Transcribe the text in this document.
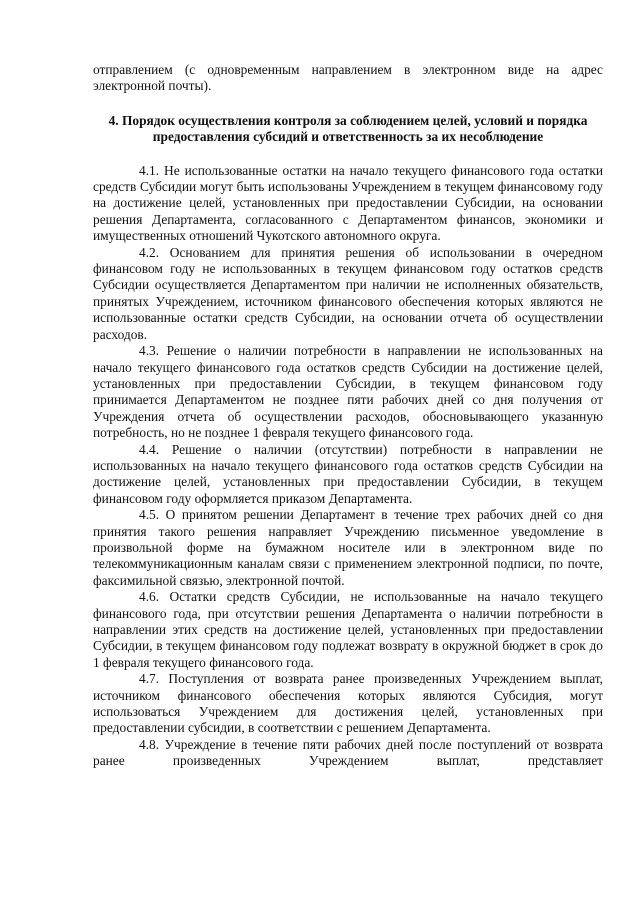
отправлением (с одновременным направлением в электронном виде на адрес электронной почты).

4. Порядок осуществления контроля за соблюдением целей, условий и порядка предоставления субсидий и ответственность за их несоблюдение

4.1. Не использованные остатки на начало текущего финансового года остатки средств Субсидии могут быть использованы Учреждением в текущем финансовому году на достижение целей, установленных при предоставлении Субсидии, на основании решения Департамента, согласованного с Департаментом финансов, экономики и имущественных отношений Чукотского автономного округа.

4.2. Основанием для принятия решения об использовании в очередном финансовом году не использованных в текущем финансовом году остатков средств Субсидии осуществляется Департаментом при наличии не исполненных обязательств, принятых Учреждением, источником финансового обеспечения которых являются не использованные остатки средств Субсидии, на основании отчета об осуществлении расходов.

4.3. Решение о наличии потребности в направлении не использованных на начало текущего финансового года остатков средств Субсидии на достижение целей, установленных при предоставлении Субсидии, в текущем финансовом году принимается Департаментом не позднее пяти рабочих дней со дня получения от Учреждения отчета об осуществлении расходов, обосновывающего указанную потребность, но не позднее 1 февраля текущего финансового года.

4.4. Решение о наличии (отсутствии) потребности в направлении не использованных на начало текущего финансового года остатков средств Субсидии на достижение целей, установленных при предоставлении Субсидии, в текущем финансовом году оформляется приказом Департамента.

4.5. О принятом решении Департамент в течение трех рабочих дней со дня принятия такого решения направляет Учреждению письменное уведомление в произвольной форме на бумажном носителе или в электронном виде по телекоммуникационным каналам связи с применением электронной подписи, по почте, факсимильной связью, электронной почтой.

4.6. Остатки средств Субсидии, не использованные на начало текущего финансового года, при отсутствии решения Департамента о наличии потребности в направлении этих средств на достижение целей, установленных при предоставлении Субсидии, в текущем финансовом году подлежат возврату в окружной бюджет в срок до 1 февраля текущего финансового года.

4.7. Поступления от возврата ранее произведенных Учреждением выплат, источником финансового обеспечения которых являются Субсидия, могут использоваться Учреждением для достижения целей, установленных при предоставлении субсидии, в соответствии с решением Департамента.

4.8. Учреждение в течение пяти рабочих дней после поступлений от возврата ранее произведенных Учреждением выплат, представляет
